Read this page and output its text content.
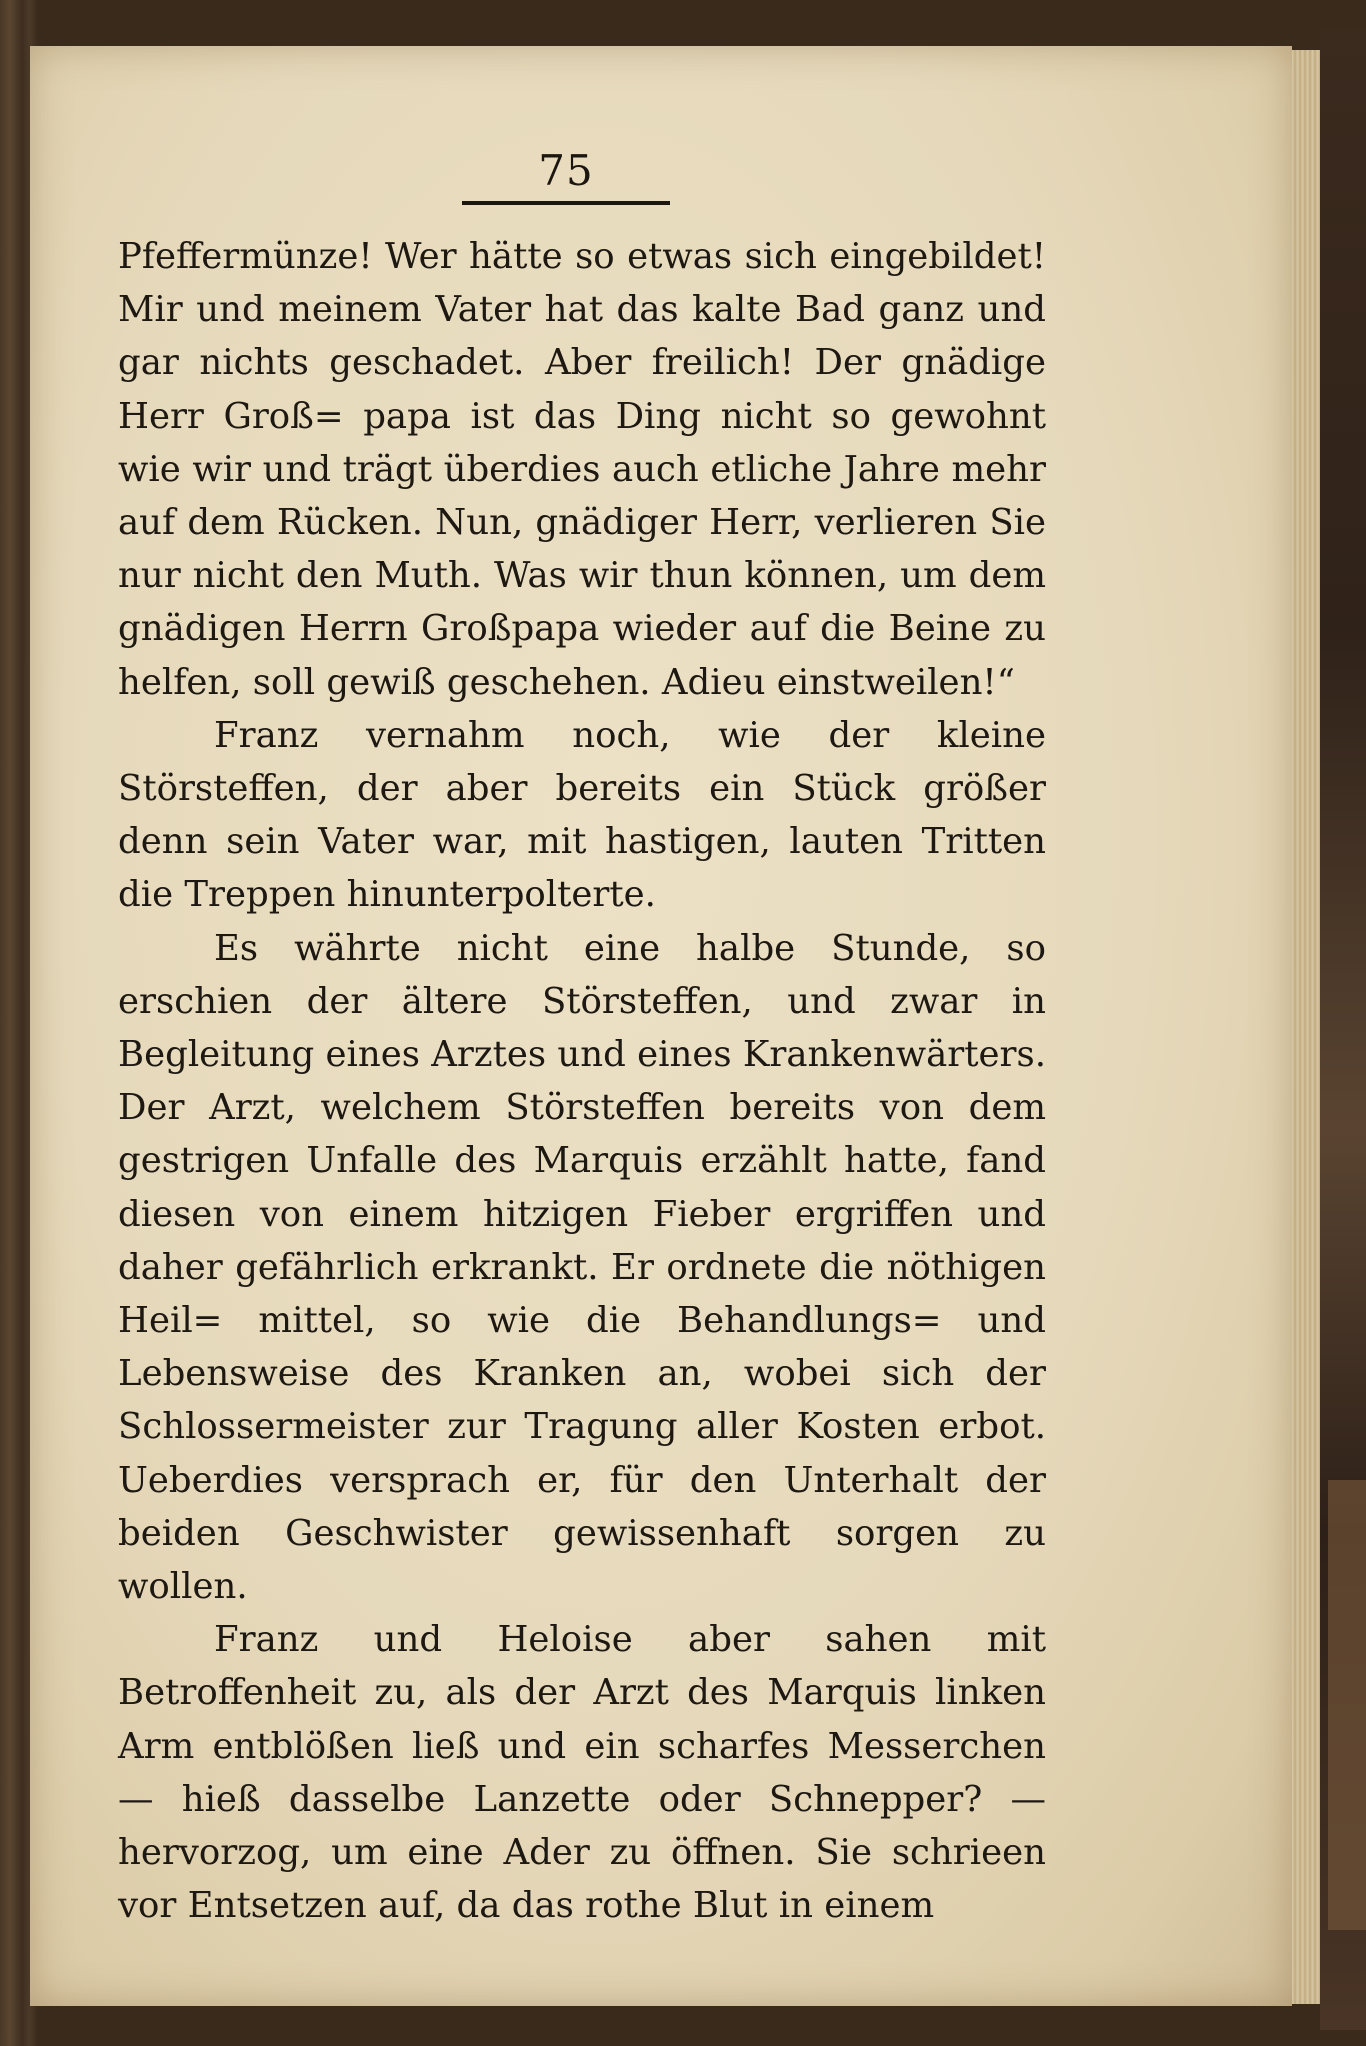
75

Pfeffermünze! Wer hätte so etwas sich eingebildet! Mir und meinem Vater hat das kalte Bad ganz und gar nichts geschadet. Aber freilich! Der gnädige Herr Groß= papa ist das Ding nicht so gewohnt wie wir und trägt überdies auch etliche Jahre mehr auf dem Rücken. Nun, gnädiger Herr, verlieren Sie nur nicht den Muth. Was wir thun können, um dem gnädigen Herrn Großpapa wieder auf die Beine zu helfen, soll gewiß geschehen. Adieu einstweilen!“

Franz vernahm noch, wie der kleine Störsteffen, der aber bereits ein Stück größer denn sein Vater war, mit hastigen, lauten Tritten die Treppen hinunterpolterte.

Es währte nicht eine halbe Stunde, so erschien der ältere Störsteffen, und zwar in Begleitung eines Arztes und eines Krankenwärters. Der Arzt, welchem Störsteffen bereits von dem gestrigen Unfalle des Marquis erzählt hatte, fand diesen von einem hitzigen Fieber ergriffen und daher gefährlich erkrankt. Er ordnete die nöthigen Heil= mittel, so wie die Behandlungs= und Lebensweise des Kranken an, wobei sich der Schlossermeister zur Tragung aller Kosten erbot. Ueberdies versprach er, für den Unterhalt der beiden Geschwister gewissenhaft sorgen zu wollen.

Franz und Heloise aber sahen mit Betroffenheit zu, als der Arzt des Marquis linken Arm entblößen ließ und ein scharfes Messerchen — hieß dasselbe Lanzette oder Schnepper? — hervorzog, um eine Ader zu öffnen. Sie schrieen vor Entsetzen auf, da das rothe Blut in einem
